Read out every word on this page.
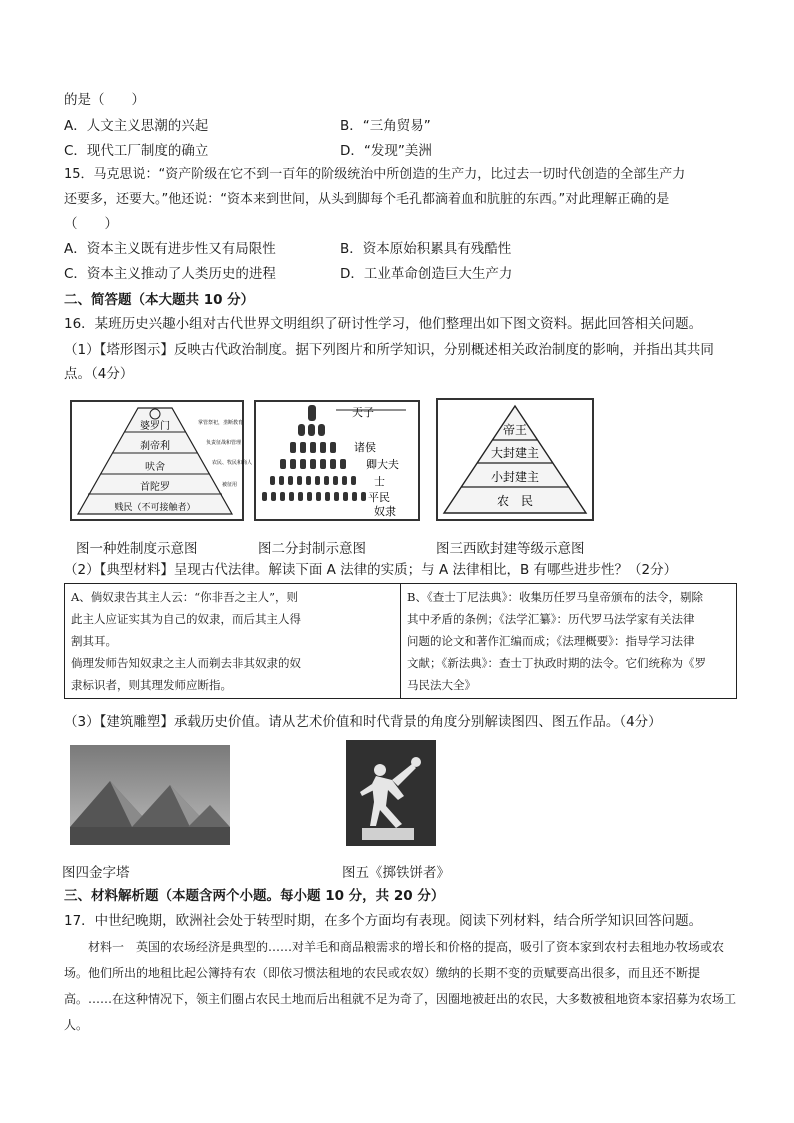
的是（　　）
A．人文主义思潮的兴起	B．“三角贸易”
C．现代工厂制度的确立	D．“发现”美洲
15．马克思说：“资产阶级在它不到一百年的阶级统治中所创造的生产力，比过去一切时代创造的全部生产力
还要多，还要大。”他还说：“资本来到世间，从头到脚每个毛孔都滴着血和肮脏的东西。”对此理解正确的是
（　　）
A．资本主义既有进步性又有局限性	B．资本原始积累具有残酷性
C．资本主义推动了人类历史的进程	D．工业革命创造巨大生产力
二、简答题（本大题共 10 分）
16．某班历史兴趣小组对古代世界文明组织了研讨性学习，他们整理出如下图文资料。据此回答相关问题。
（1）【塔形图示】反映古代政治制度。据下列图片和所学知识，分别概述相关政治制度的影响，并指出其共同点。（4分）
婆罗门
刹帝利
吠舍
首陀罗
贱民（不可接触者）
掌管祭祀，垄断教育
负责征战和管理
农民、牧民和商人
被征用
图一种姓制度示意图
天子
诸侯
卿大夫
士
平民
奴隶
图二分封制示意图
帝王
大封建主
小封建主
农　民
图三西欧封建等级示意图
（2）【典型材料】呈现古代法律。解读下面 A 法律的实质；与 A 法律相比，B 有哪些进步性？（2分）
A、倘奴隶告其主人云：“你非吾之主人”，则
此主人应证实其为自己的奴隶，而后其主人得
割其耳。
倘理发师告知奴隶之主人而剃去非其奴隶的奴
隶标识者，则其理发师应断指。

B、《查士丁尼法典》：收集历任罗马皇帝颁布的法令，剔除
其中矛盾的条例；《法学汇纂》：历代罗马法学家有关法律
问题的论文和著作汇编而成；《法理概要》：指导学习法律
文献；《新法典》：查士丁执政时期的法令。它们统称为《罗
马民法大全》
（3）【建筑雕塑】承载历史价值。请从艺术价值和时代背景的角度分别解读图四、图五作品。（4分）
图四金字塔	图五《掷铁饼者》
三、材料解析题（本题含两个小题。每小题 10 分，共 20 分）
17．中世纪晚期，欧洲社会处于转型时期，在多个方面均有表现。阅读下列材料，结合所学知识回答问题。
材料一　英国的农场经济是典型的……对羊毛和商品粮需求的增长和价格的提高，吸引了资本家到农村去租地办牧场或农场。他们所出的地租比起公簿持有农（即依习惯法租地的农民或农奴）缴纳的长期不变的贡赋要高出很多，而且还不断提高。……在这种情况下，领主们圈占农民土地而后出租就不足为奇了，因圈地被赶出的农民，大多数被租地资本家招募为农场工人。
